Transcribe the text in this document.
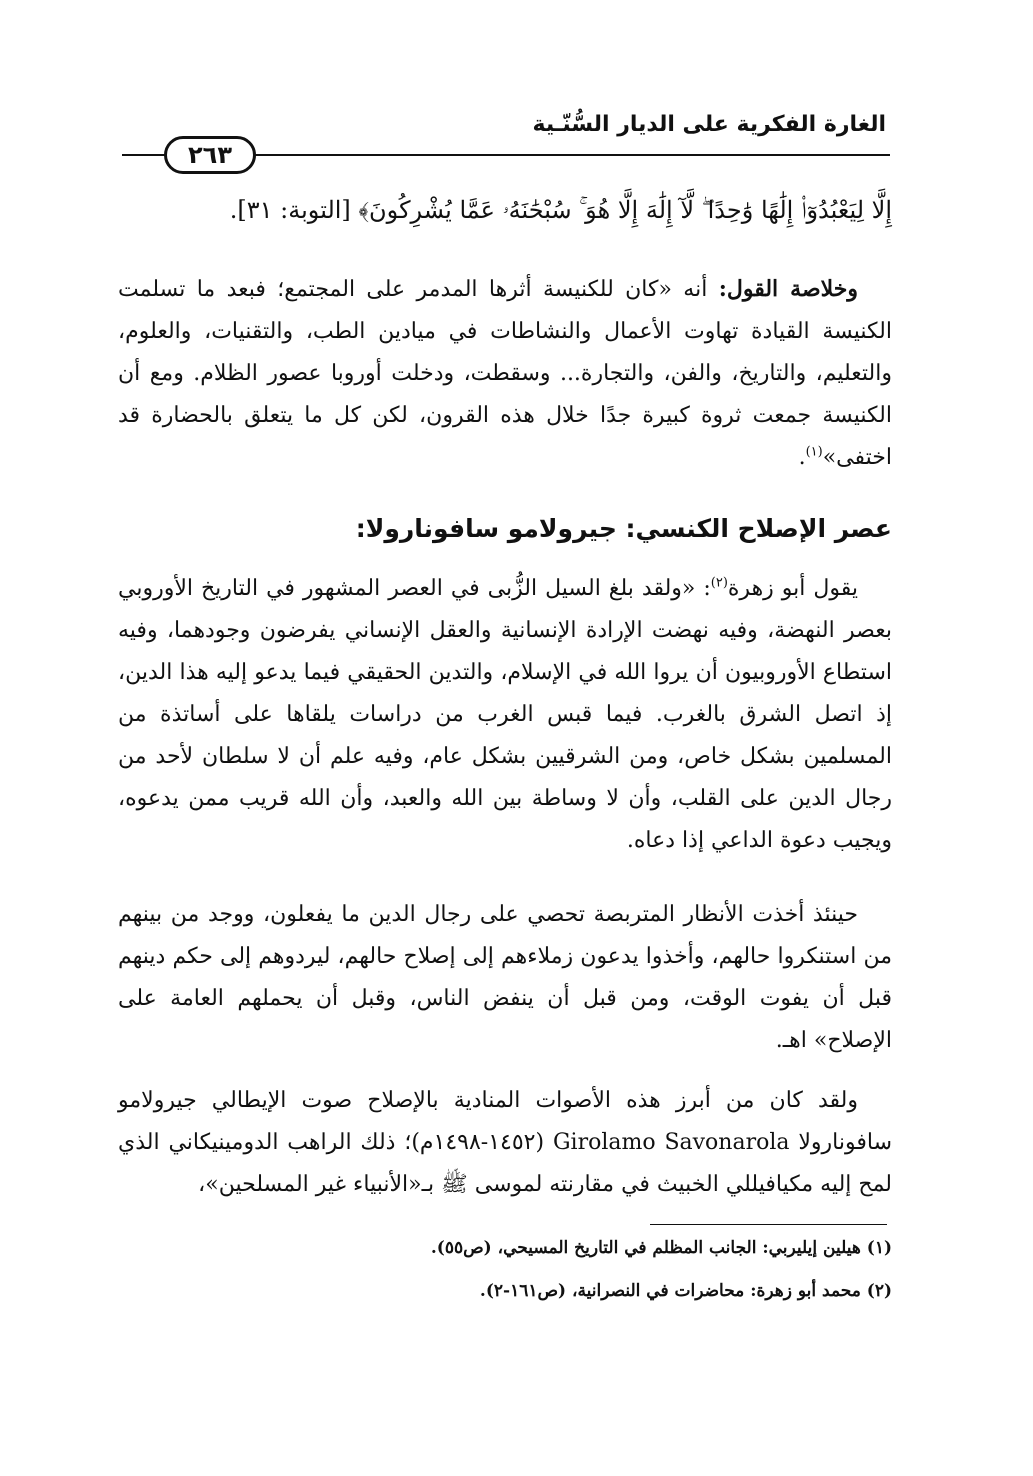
الغارة الفكرية على الديار السُّنّـية
٢٦٣
إِلَّا لِيَعْبُدُوٓا۟ إِلَٰهًا وَٰحِدًا ۖ لَّآ إِلَٰهَ إِلَّا هُوَ ۚ سُبْحَٰنَهُۥ عَمَّا يُشْرِكُونَ﴾ [التوبة: ٣١].
وخلاصة القول: أنه «كان للكنيسة أثرها المدمر على المجتمع؛ فبعد ما تسلمت الكنيسة القيادة تهاوت الأعمال والنشاطات في ميادين الطب، والتقنيات، والعلوم، والتعليم، والتاريخ، والفن، والتجارة... وسقطت، ودخلت أوروبا عصور الظلام. ومع أن الكنيسة جمعت ثروة كبيرة جدًا خلال هذه القرون، لكن كل ما يتعلق بالحضارة قد اختفى»$^{(١)}$.
عصر الإصلاح الكنسي: جيرولامو سافونارولا:
يقول أبو زهرة$^{(٢)}$: «ولقد بلغ السيل الزُّبى في العصر المشهور في التاريخ الأوروبي بعصر النهضة، وفيه نهضت الإرادة الإنسانية والعقل الإنساني يفرضون وجودهما، وفيه استطاع الأوروبيون أن يروا الله في الإسلام، والتدين الحقيقي فيما يدعو إليه هذا الدين، إذ اتصل الشرق بالغرب. فيما قبس الغرب من دراسات يلقاها على أساتذة من المسلمين بشكل خاص، ومن الشرقيين بشكل عام، وفيه علم أن لا سلطان لأحد من رجال الدين على القلب، وأن لا وساطة بين الله والعبد، وأن الله قريب ممن يدعوه، ويجيب دعوة الداعي إذا دعاه.
حينئذ أخذت الأنظار المتربصة تحصي على رجال الدين ما يفعلون، ووجد من بينهم من استنكروا حالهم، وأخذوا يدعون زملاءهم إلى إصلاح حالهم، ليردوهم إلى حكم دينهم قبل أن يفوت الوقت، ومن قبل أن ينفض الناس، وقبل أن يحملهم العامة على الإصلاح» اهـ.
ولقد كان من أبرز هذه الأصوات المنادية بالإصلاح صوت الإيطالي جيرولامو سافونارولا Girolamo Savonarola (١٤٥٢-١٤٩٨م)؛ ذلك الراهب الدومينيكاني الذي لمح إليه مكيافيللي الخبيث في مقارنته لموسى ﷺ بـ«الأنبياء غير المسلحين»،
(١) هيلين إيليربي: الجانب المظلم في التاريخ المسيحي، (ص٥٥).
(٢) محمد أبو زهرة: محاضرات في النصرانية، (ص١٦١-٢).
